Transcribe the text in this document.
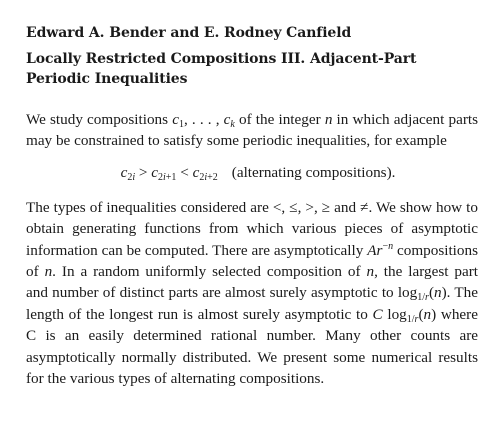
Edward A. Bender and E. Rodney Canfield

Locally Restricted Compositions III. Adjacent-Part Periodic Inequalities

We study compositions $c_1$, . . . , $c_k$ of the integer n in which adjacent parts may be constrained to satisfy some periodic inequalities, for example

$c_{2i} > c_{2i+1} < c_{2i+2}$ (alternating compositions).

The types of inequalities considered are <, ≤, >, ≥ and ≠. We show how to obtain generating functions from which various pieces of asymptotic information can be computed. There are asymptotically $Ar^{-n}$ compositions of n. In a random uniformly selected composition of n, the largest part and number of distinct parts are almost surely asymptotic to $\log_{1/r}(n)$. The length of the longest run is almost surely asymptotic to C $\log_{1/r}(n)$ where C is an easily determined rational number. Many other counts are asymptotically normally distributed. We present some numerical results for the various types of alternating compositions.
